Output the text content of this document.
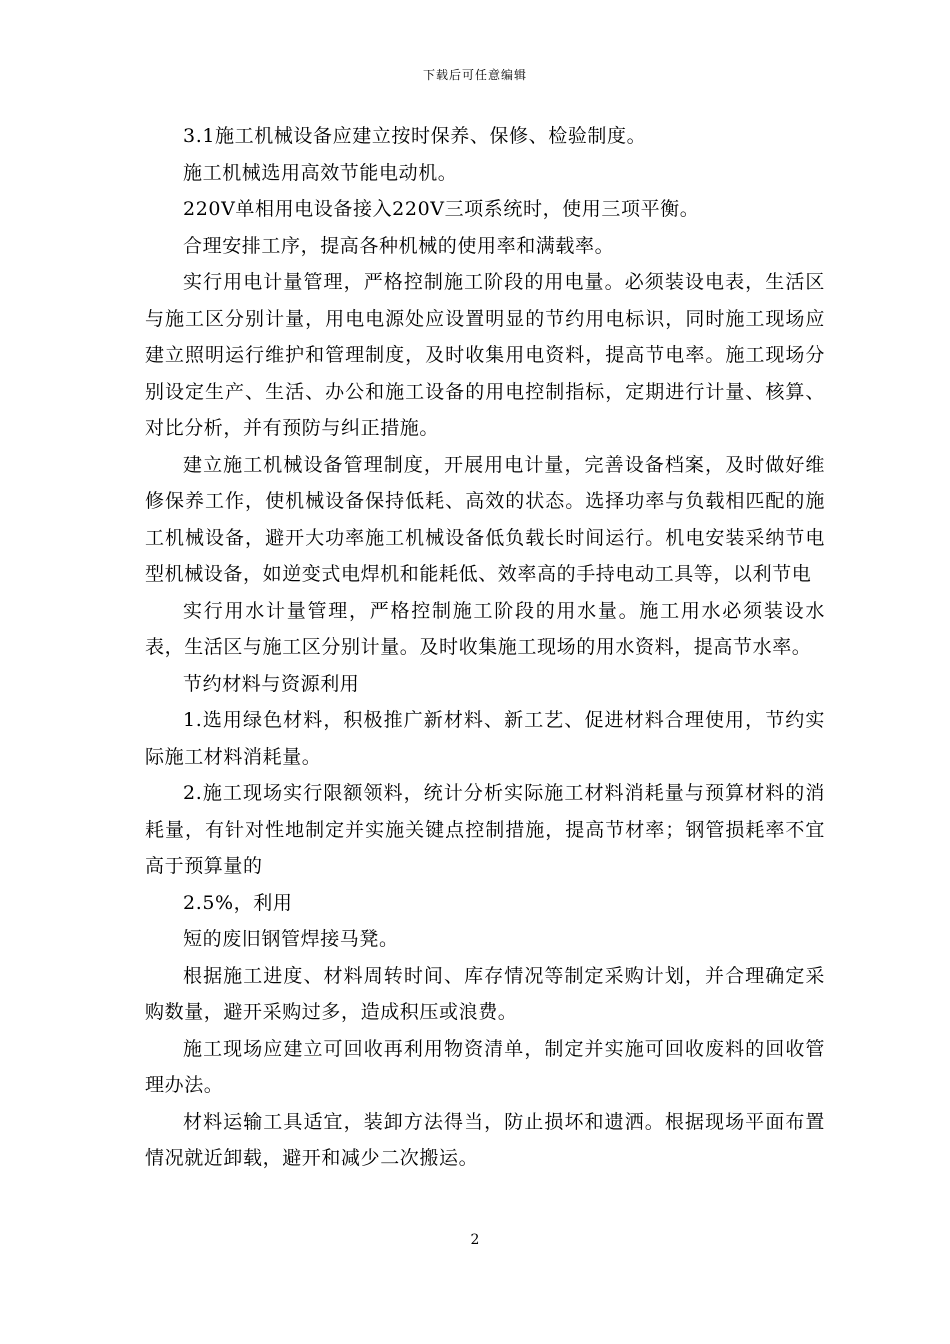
下载后可任意编辑

3.1施工机械设备应建立按时保养、保修、检验制度。

施工机械选用高效节能电动机。

220V单相用电设备接入220V三项系统时，使用三项平衡。

合理安排工序，提高各种机械的使用率和满载率。

实行用电计量管理，严格控制施工阶段的用电量。必须装设电表，生活区与施工区分别计量，用电电源处应设置明显的节约用电标识，同时施工现场应建立照明运行维护和管理制度，及时收集用电资料，提高节电率。施工现场分别设定生产、生活、办公和施工设备的用电控制指标，定期进行计量、核算、对比分析，并有预防与纠正措施。

建立施工机械设备管理制度，开展用电计量，完善设备档案，及时做好维修保养工作，使机械设备保持低耗、高效的状态。选择功率与负载相匹配的施工机械设备，避开大功率施工机械设备低负载长时间运行。机电安装采纳节电型机械设备，如逆变式电焊机和能耗低、效率高的手持电动工具等，以利节电

实行用水计量管理，严格控制施工阶段的用水量。施工用水必须装设水表，生活区与施工区分别计量。及时收集施工现场的用水资料，提高节水率。

节约材料与资源利用

1.选用绿色材料，积极推广新材料、新工艺、促进材料合理使用，节约实际施工材料消耗量。

2.施工现场实行限额领料，统计分析实际施工材料消耗量与预算材料的消耗量，有针对性地制定并实施关键点控制措施，提高节材率；钢管损耗率不宜高于预算量的

2.5%，利用

短的废旧钢管焊接马凳。

根据施工进度、材料周转时间、库存情况等制定采购计划，并合理确定采购数量，避开采购过多，造成积压或浪费。

施工现场应建立可回收再利用物资清单，制定并实施可回收废料的回收管理办法。

材料运输工具适宜，装卸方法得当，防止损坏和遗洒。根据现场平面布置情况就近卸载，避开和减少二次搬运。

2
